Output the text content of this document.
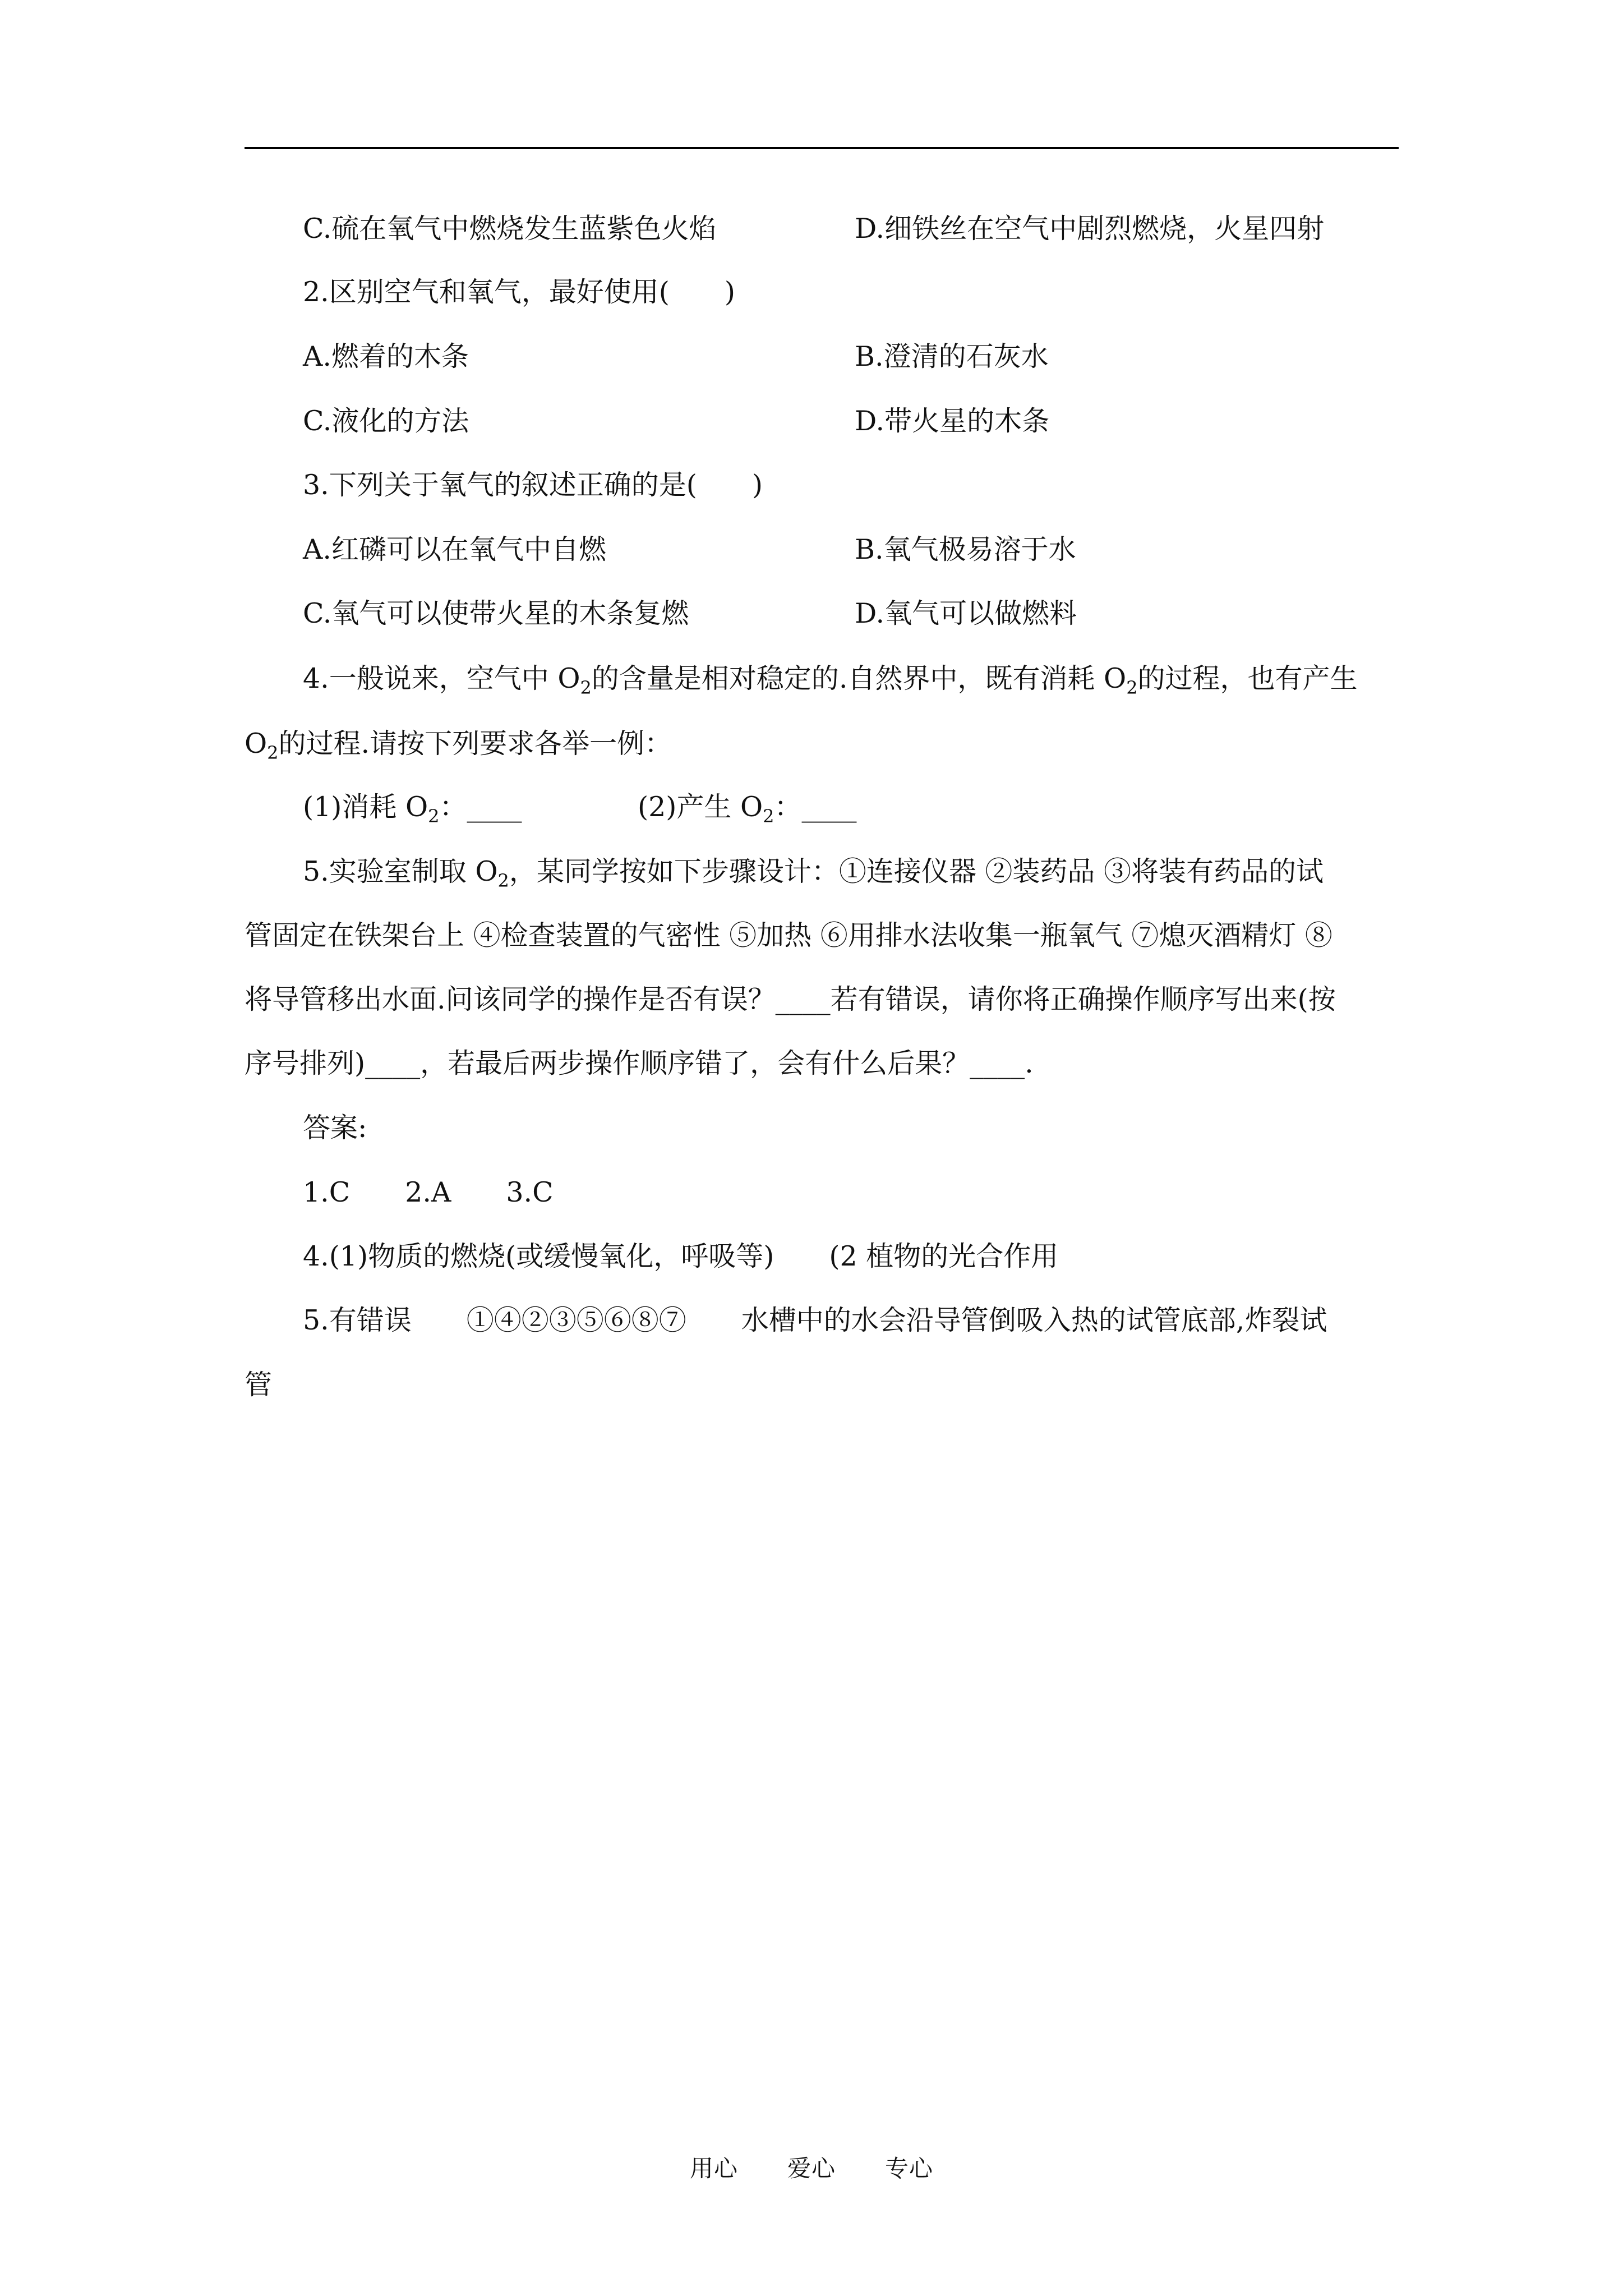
C.硫在氧气中燃烧发生蓝紫色火焰	D.细铁丝在空气中剧烈燃烧，火星四射
2.区别空气和氧气，最好使用(　　)
A.燃着的木条	B.澄清的石灰水
C.液化的方法	D.带火星的木条
3.下列关于氧气的叙述正确的是(　　)
A.红磷可以在氧气中自燃	B.氧气极易溶于水
C.氧气可以使带火星的木条复燃	D.氧气可以做燃料
4.一般说来，空气中 $O_2$的含量是相对稳定的.自然界中，既有消耗 $O_2$的过程，也有产生
$O_2$的过程.请按下列要求各举一例：
(1)消耗 $O_2$：____	(2)产生 $O_2$：____
5.实验室制取 $O_2$，某同学按如下步骤设计：①连接仪器 ②装药品 ③将装有药品的试
管固定在铁架台上 ④检查装置的气密性 ⑤加热 ⑥用排水法收集一瓶氧气 ⑦熄灭酒精灯 ⑧
将导管移出水面.问该同学的操作是否有误？____若有错误，请你将正确操作顺序写出来(按
序号排列)____，若最后两步操作顺序错了，会有什么后果？____.
答案:
1.C　　2.A　　3.C
4.(1)物质的燃烧(或缓慢氧化，呼吸等)　　(2 植物的光合作用
5.有错误　　①④②③⑤⑥⑧⑦　　水槽中的水会沿导管倒吸入热的试管底部,炸裂试
管
用心 爱心 专心
